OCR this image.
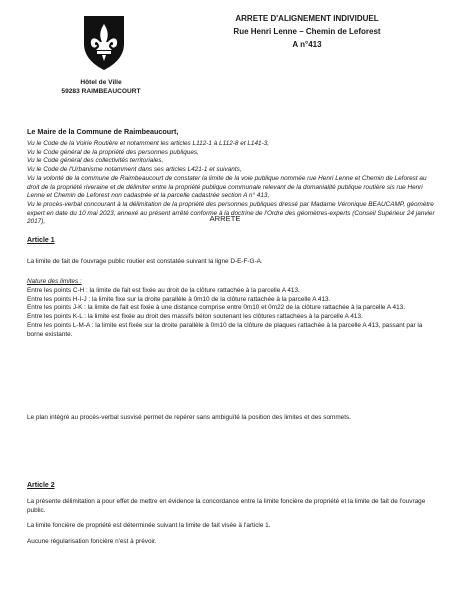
Hôtel de Ville
59283 RAIMBEAUCOURT
ARRETE D'ALIGNEMENT INDIVIDUEL
Rue Henri Lenne – Chemin de Leforest
A n°413
Le Maire de la Commune de Raimbeaucourt,

Vu le Code de la Voirie Routière et notamment les articles L112-1 à L112-8 et L141-3,

Vu le Code général de la propriété des personnes publiques,

Vu le Code général des collectivités territoriales,

Vu le Code de l'Urbanisme notamment dans ses articles L421-1 et suivants,

Vu la volonté de la commune de Raimbeaucourt de constater la limite de la voie publique nommée rue Henri Lenne et Chemin de Leforest au droit de la propriété riveraine et de délimiter entre la propriété publique communale relevant de la domanialité publique routière sis rue Henri Lenne et Chemin de Leforest non cadastrée et la parcelle cadastrée section A n° 413,

Vu le procès-verbal concourant à la délimitation de la propriété des personnes publiques dressé par Madame Véronique BEAUCAMP, géomètre expert en date du 10 mai 2023, annexé au présent arrêté conforme à la doctrine de l'Ordre des géomètres-experts (Conseil Supérieur 24 janvier 2017),	ARRETE
Article 1
La limite de fait de l'ouvrage public routier est constatée suivant la ligne D-E-F-G-A.
Nature des limites :

Entre les points C-H : la limite de fait est fixée au droit de la clôture rattachée à la parcelle A 413.

Entre les points H-I-J : la limite fixe sur la droite parallèle à 0m10 de la clôture rattachée à la parcelle A 413.

Entre les points J-K : la limite de fait est fixée à une distance comprise entre 0m10 et 0m22 de la clôture rattachée à la parcelle A 413.

Entre les points K-L : la limite est fixée au droit des massifs béton soutenant les clôtures rattachées à la parcelle A 413.

Entre les points L-M-A : la limite est fixée sur la droite parallèle à 0m10 de la clôture de plaques rattachée à la parcelle A 413, passant par la borne existante.

Le plan intégré au procès-verbal susvisé permet de repérer sans ambiguïté la position des limites et des sommets.
Article 2

La présente délimitation a pour effet de mettre en évidence la concordance entre la limite foncière de propriété et la limite de fait de l'ouvrage public.

La limite foncière de propriété est déterminée suivant la limite de fait visée à l'article 1.

Aucune régularisation foncière n'est à prévoir.
